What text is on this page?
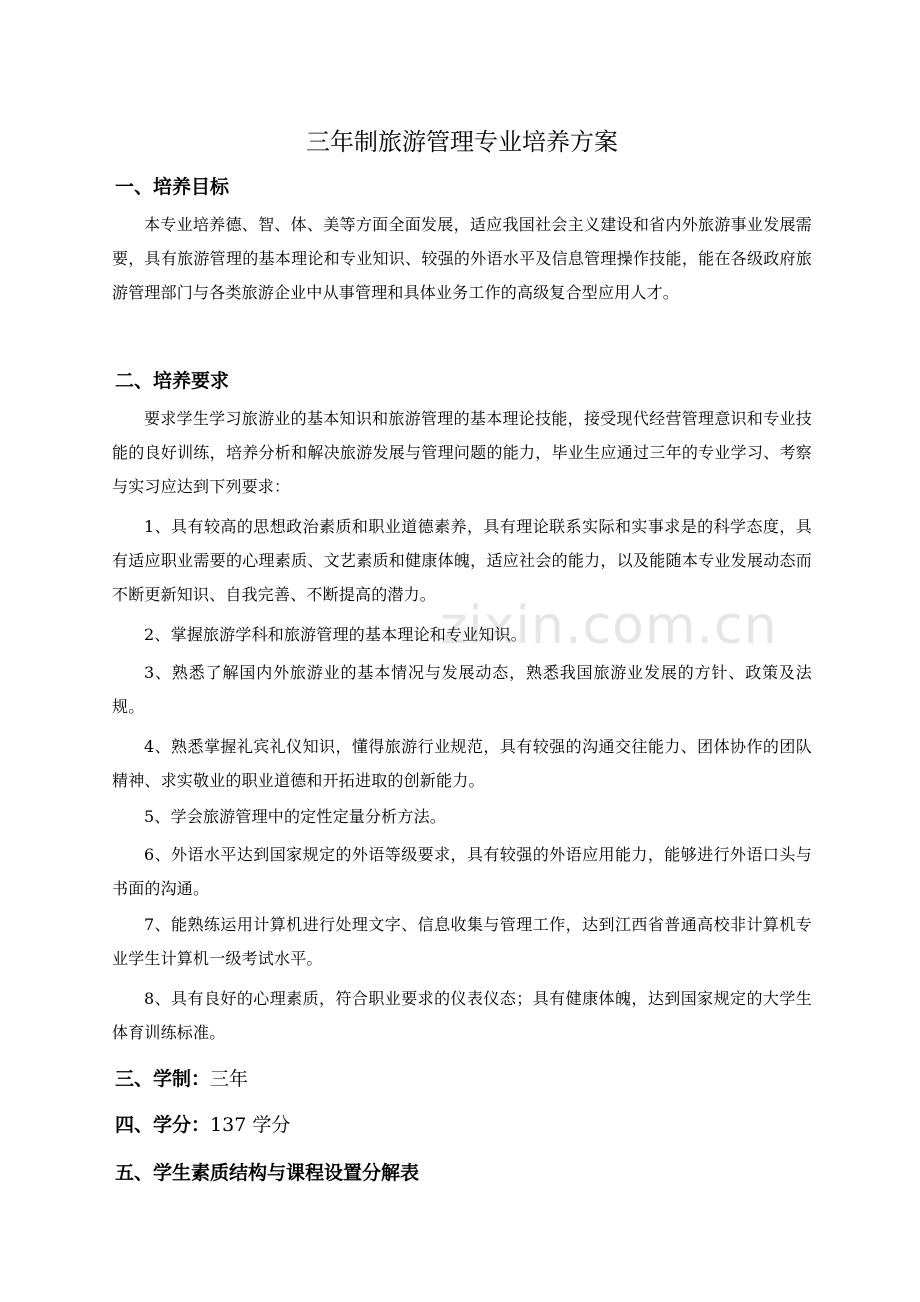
zixin.com.cn
三年制旅游管理专业培养方案
一、培养目标

本专业培养德、智、体、美等方面全面发展，适应我国社会主义建设和省内外旅游事业发展需要，具有旅游管理的基本理论和专业知识、较强的外语水平及信息管理操作技能，能在各级政府旅游管理部门与各类旅游企业中从事管理和具体业务工作的高级复合型应用人才。

二、培养要求

要求学生学习旅游业的基本知识和旅游管理的基本理论技能，接受现代经营管理意识和专业技能的良好训练，培养分析和解决旅游发展与管理问题的能力，毕业生应通过三年的专业学习、考察与实习应达到下列要求：

1、具有较高的思想政治素质和职业道德素养，具有理论联系实际和实事求是的科学态度，具有适应职业需要的心理素质、文艺素质和健康体魄，适应社会的能力，以及能随本专业发展动态而不断更新知识、自我完善、不断提高的潜力。

2、掌握旅游学科和旅游管理的基本理论和专业知识。

3、熟悉了解国内外旅游业的基本情况与发展动态，熟悉我国旅游业发展的方针、政策及法规。

4、熟悉掌握礼宾礼仪知识，懂得旅游行业规范，具有较强的沟通交往能力、团体协作的团队精神、求实敬业的职业道德和开拓进取的创新能力。

5、学会旅游管理中的定性定量分析方法。

6、外语水平达到国家规定的外语等级要求，具有较强的外语应用能力，能够进行外语口头与书面的沟通。

7、能熟练运用计算机进行处理文字、信息收集与管理工作，达到江西省普通高校非计算机专业学生计算机一级考试水平。

8、具有良好的心理素质，符合职业要求的仪表仪态；具有健康体魄，达到国家规定的大学生体育训练标准。

三、学制：三年
四、学分：137 学分
五、学生素质结构与课程设置分解表
